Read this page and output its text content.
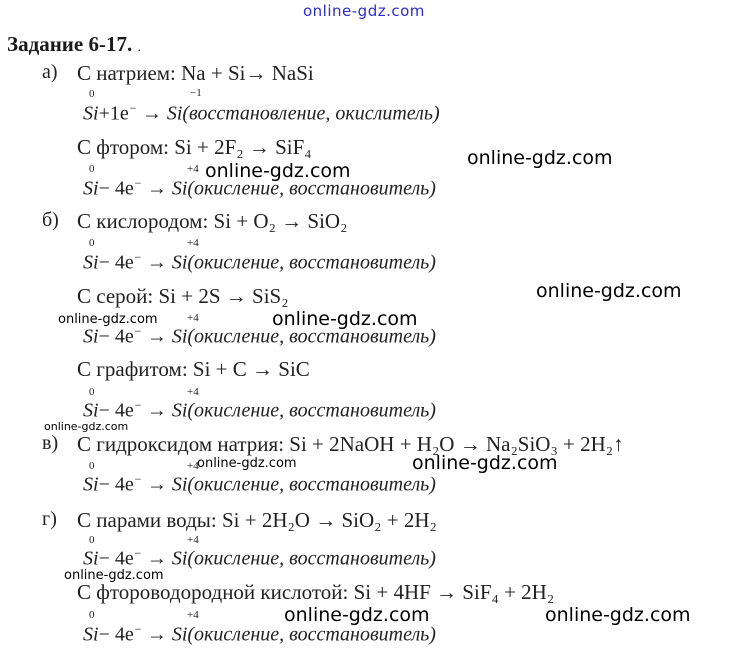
online-gdz.com
Задание 6-17. .
а) С натрием: Na + Si→ NaSi
0	−1
Si+1e− → Si(восстановление, окислитель)
С фтором: Si + 2F₂ → SiF₄
online-gdz.com
online-gdz.com
0	+4
Si− 4e− → Si(окисление, восстановитель)
б) С кислородом: Si + O₂ → SiO₂
0	+4
Si− 4e− → Si(окисление, восстановитель)
С серой: Si + 2S → SiS₂	online-gdz.com
online-gdz.com	online-gdz.com
+4
Si− 4e− → Si(окисление, восстановитель)
С графитом: Si + C → SiC
0	+4
Si− 4e− → Si(окисление, восстановитель)
online-gdz.com
в) С гидроксидом натрия: Si + 2NaOH + H₂O → Na₂SiO₃ + 2H₂↑
online-gdz.com	online-gdz.com
0	+4
Si− 4e− → Si(окисление, восстановитель)
г) С парами воды: Si + 2H₂O → SiO₂ + 2H₂
0	+4
Si− 4e− → Si(окисление, восстановитель)
online-gdz.com
С фтороводородной кислотой: Si + 4HF → SiF₄ + 2H₂
online-gdz.com	online-gdz.com
0	+4
Si− 4e− → Si(окисление, восстановитель)
